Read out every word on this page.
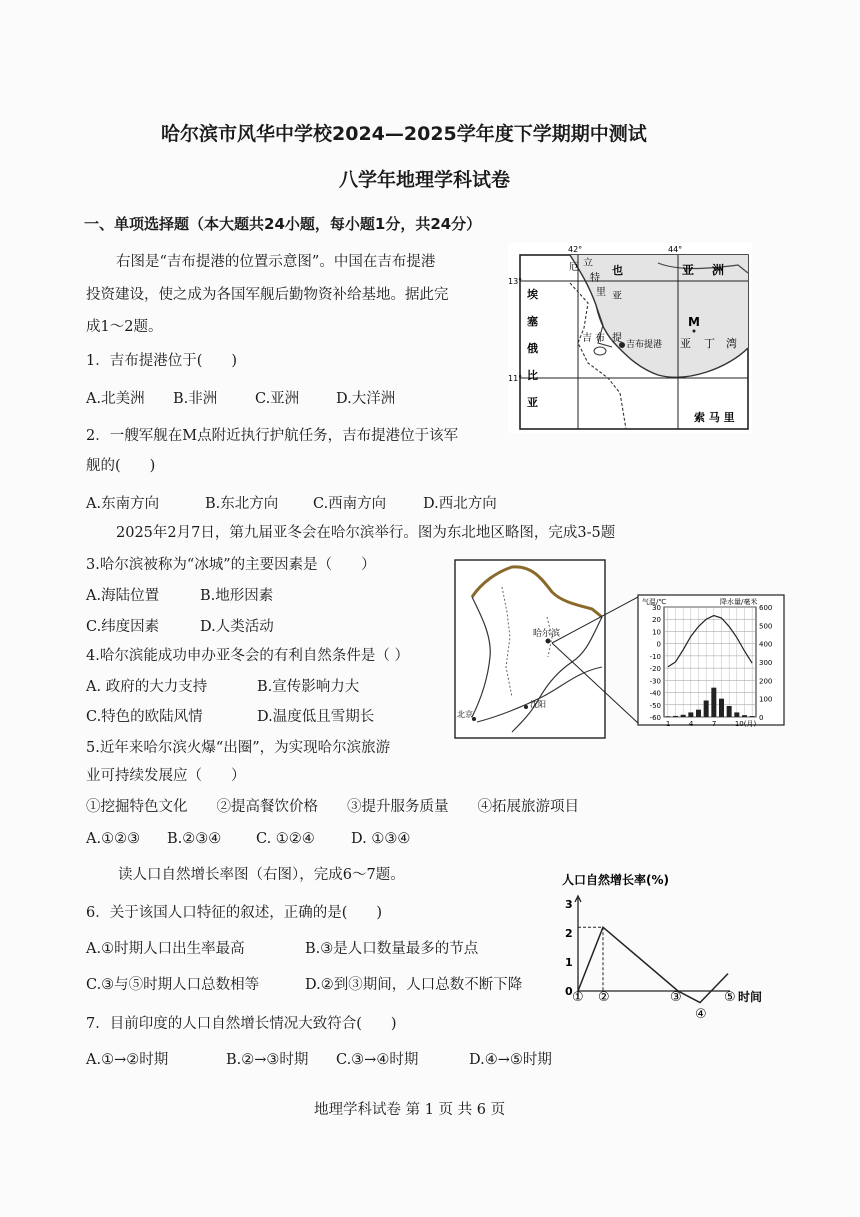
哈尔滨市风华中学校2024—2025学年度下学期期中测试
八学年地理学科试卷
一、单项选择题（本大题共24小题，每小题1分，共24分）
右图是“吉布提港的位置示意图”。中国在吉布提港
投资建设，使之成为各国军舰后勤物资补给基地。据此完
成1～2题。
1．吉布提港位于(　　)
A.北美洲 B.非洲	C.亚洲	D.大洋洲
2．一艘军舰在M点附近执行护航任务，吉布提港位于该军
舰的(　　)
A.东南方向	B.东北方向 C.西南方向	D.西北方向
2025年2月7日，第九届亚冬会在哈尔滨举行。图为东北地区略图，完成3-5题
3.哈尔滨被称为“冰城”的主要因素是（　　）
A.海陆位置	B.地形因素
C.纬度因素	D.人类活动
4.哈尔滨能成功申办亚冬会的有利自然条件是（ ）
A. 政府的大力支持	B.宣传影响力大
C.特色的欧陆风情	D.温度低且雪期长
5.近年来哈尔滨火爆“出圈”，为实现哈尔滨旅游
业可持续发展应（　　）
①挖掘特色文化　　②提高餐饮价格　　③提升服务质量　　④拓展旅游项目
A.①②③ B.②③④ C. ①②④ D. ①③④
读人口自然增长率图（右图），完成6～7题。
6．关于该国人口特征的叙述，正确的是(　　)
A.①时期人口出生率最高	B.③是人口数量最多的节点
C.③与⑤时期人口总数相等	D.②到③期间，人口总数不断下降
7．目前印度的人口自然增长情况大致符合(　　)
A.①→②时期	B.②→③时期 C.③→④时期	D.④→⑤时期
地理学科试卷 第 1 页 共 6 页
42°	44°
13°
11°
厄 立
特
里 亚
也	亚 洲
埃
塞
俄
比
亚
吉 布 提
吉布提港
M
亚 丁 湾
索 马 里
哈尔滨
沈阳
北京
气温/℃	降水量/毫米
30
20
10
0
-10
-20
-30
-40
-50
-60
600
500
400
300
200
100
0
1	4	7	10(月)
人口自然增长率(%)
3
2
1
0 ① ②	③
④
⑤ 时间
